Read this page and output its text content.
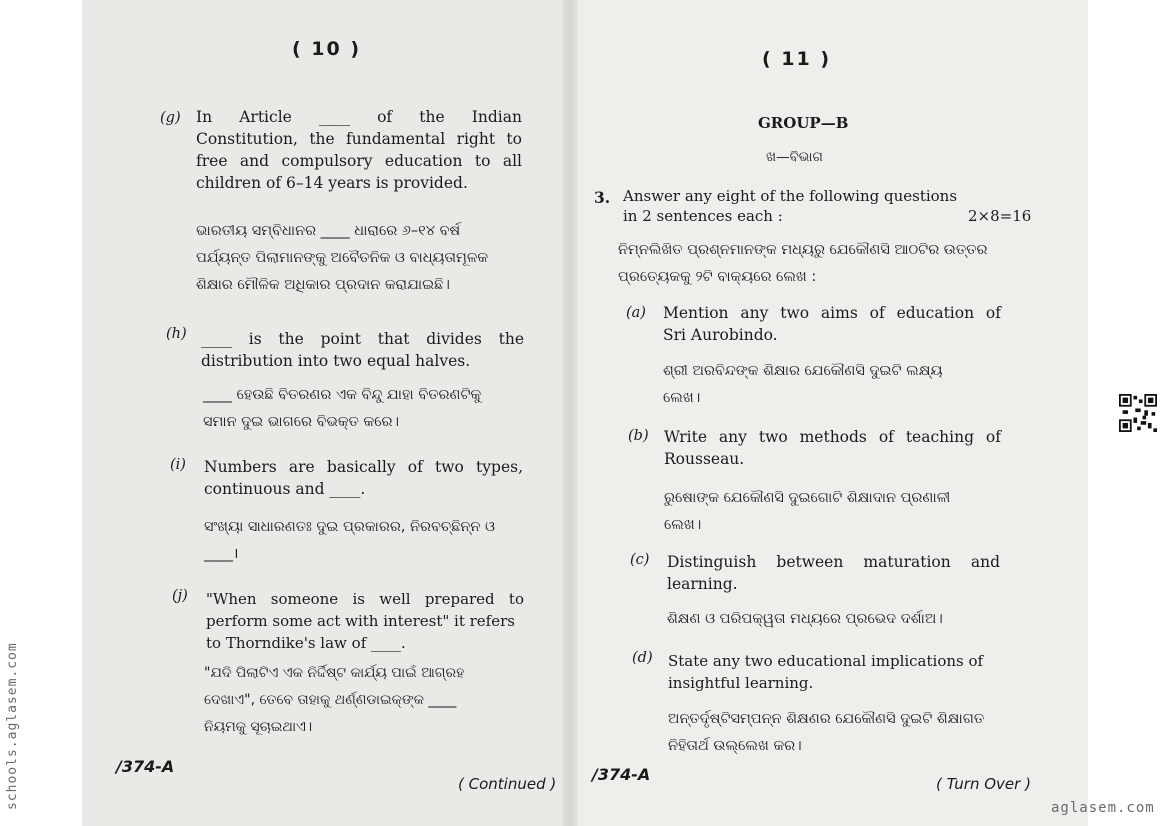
( 10 )
(g) In Article ____ of the Indian
Constitution, the fundamental right to
free and compulsory education to all
children of 6–14 years is provided.
ଭାରତୀୟ ସମ୍ବିଧାନର ____ ଧାରାରେ ୬–୧୪ ବର୍ଷ
ପର୍ଯ୍ୟନ୍ତ ପିଲାମାନଙ୍କୁ ଅବୈତନିକ ଓ ବାଧ୍ୟତାମୂଳକ
ଶିକ୍ଷାର ମୌଳିକ ଅଧିକାର ପ୍ରଦାନ କରାଯାଇଛି।
(h) ____ is the point that divides the
distribution into two equal halves.
____ ହେଉଛି ବିତରଣର ଏକ ବିନ୍ଦୁ ଯାହା ବିତରଣଟିକୁ
ସମାନ ଦୁଇ ଭାଗରେ ବିଭକ୍ତ କରେ।
(i) Numbers are basically of two types,
continuous and ____.
ସଂଖ୍ୟା ସାଧାରଣତଃ ଦୁଇ ପ୍ରକାରର, ନିରବଚ୍ଛିନ୍ନ ଓ
____।
(j) "When someone is well prepared to
perform some act with interest" it refers
to Thorndike's law of ____.
"ଯଦି ପିଲାଟିଏ ଏକ ନିର୍ଦ୍ଦିଷ୍ଟ କାର୍ଯ୍ୟ ପାଇଁ ଆଗ୍ରହ
ଦେଖାଏ", ତେବେ ତାହାକୁ ଥର୍ଣ୍ଣଡାଇକ୍‌ଙ୍କ ____
ନିୟମକୁ ସୂଚାଇଥାଏ।
/374-A
( Continued )
( 11 )
GROUP—B
ଖ—ବିଭାଗ
3. Answer any eight of the following questions
in 2 sentences each :	2×8=16
ନିମ୍ନଲିଖିତ ପ୍ରଶ୍ନମାନଙ୍କ ମଧ୍ୟରୁ ଯେକୌଣସି ଆଠଟିର ଉତ୍ତର
ପ୍ରତ୍ୟେକକୁ ୨ଟି ବାକ୍ୟରେ ଲେଖ :
(a) Mention any two aims of education of
Sri Aurobindo.
ଶ୍ରୀ ଅରବିନ୍ଦଙ୍କ ଶିକ୍ଷାର ଯେକୌଣସି ଦୁଇଟି ଲକ୍ଷ୍ୟ
ଲେଖ।
(b) Write any two methods of teaching of
Rousseau.
ରୁଷୋଙ୍କ ଯେକୌଣସି ଦୁଇଗୋଟି ଶିକ୍ଷାଦାନ ପ୍ରଣାଳୀ
ଲେଖ।
(c) Distinguish between maturation and
learning.
ଶିକ୍ଷଣ ଓ ପରିପକ୍ୱତା ମଧ୍ୟରେ ପ୍ରଭେଦ ଦର୍ଶାଅ।
(d) State any two educational implications of
insightful learning.
ଅନ୍ତର୍ଦୃଷ୍ଟିସମ୍ପନ୍ନ ଶିକ୍ଷଣର ଯେକୌଣସି ଦୁଇଟି ଶିକ୍ଷାଗତ
ନିହିତାର୍ଥ ଉଲ୍ଲେଖ କର।
/374-A	( Turn Over )
schools.aglasem.com	aglasem.com
